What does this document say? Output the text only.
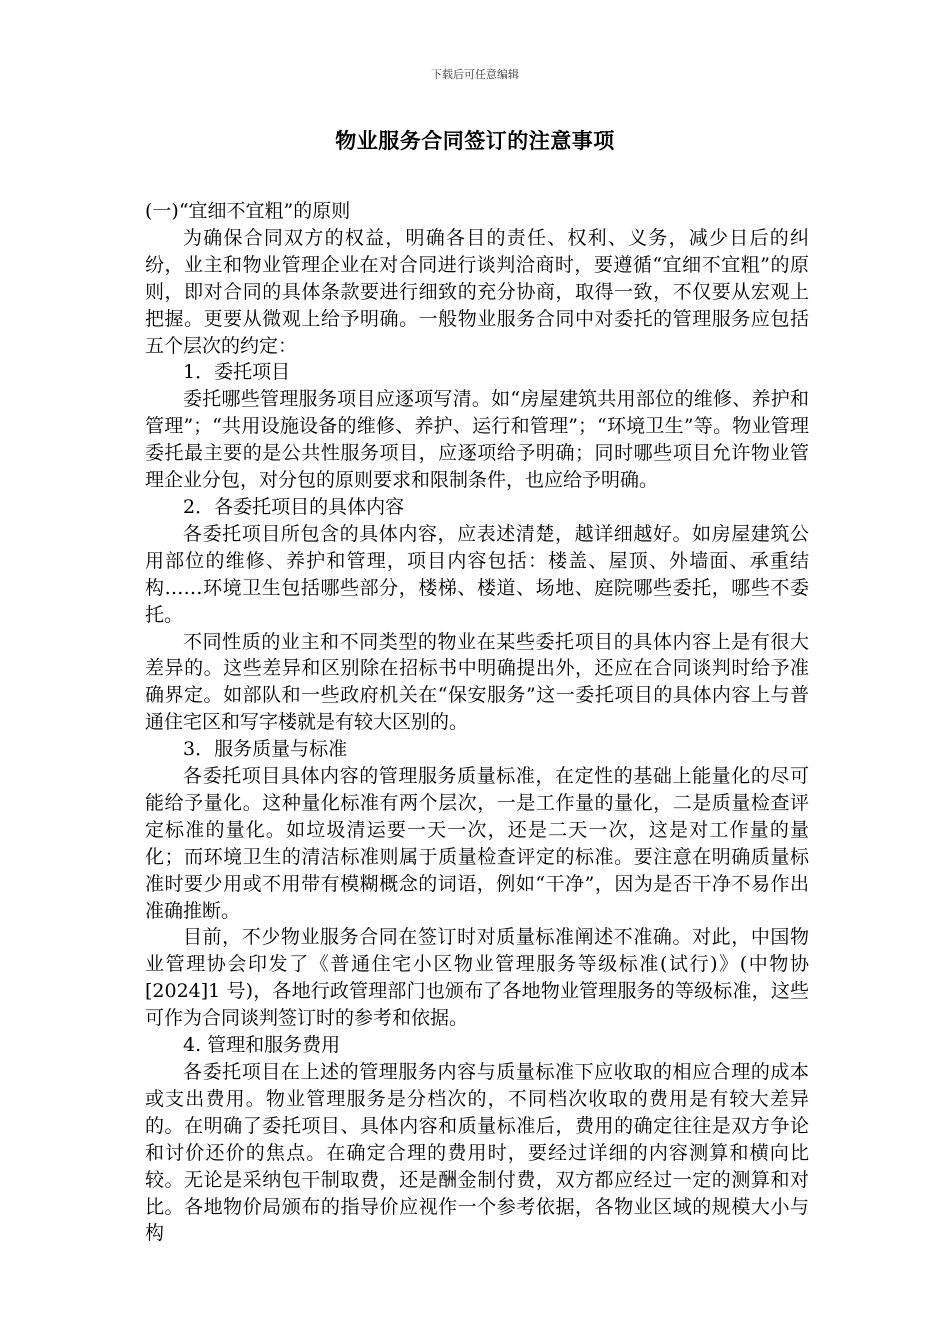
下载后可任意编辑
物业服务合同签订的注意事项

(一)“宜细不宜粗”的原则

为确保合同双方的权益，明确各目的责任、权利、义务，减少日后的纠纷，业主和物业管理企业在对合同进行谈判洽商时，要遵循“宜细不宜粗”的原则，即对合同的具体条款要进行细致的充分协商，取得一致，不仅要从宏观上把握。更要从微观上给予明确。一般物业服务合同中对委托的管理服务应包括五个层次的约定：

1．委托项目

委托哪些管理服务项目应逐项写清。如“房屋建筑共用部位的维修、养护和管理”；“共用设施设备的维修、养护、运行和管理”；“环境卫生”等。物业管理委托最主要的是公共性服务项目，应逐项给予明确；同时哪些项目允许物业管理企业分包，对分包的原则要求和限制条件，也应给予明确。

2．各委托项目的具体内容

各委托项目所包含的具体内容，应表述清楚，越详细越好。如房屋建筑公用部位的维修、养护和管理，项目内容包括：楼盖、屋顶、外墙面、承重结构……环境卫生包括哪些部分，楼梯、楼道、场地、庭院哪些委托，哪些不委托。

不同性质的业主和不同类型的物业在某些委托项目的具体内容上是有很大差异的。这些差异和区别除在招标书中明确提出外，还应在合同谈判时给予准确界定。如部队和一些政府机关在“保安服务”这一委托项目的具体内容上与普通住宅区和写字楼就是有较大区别的。

3．服务质量与标准

各委托项目具体内容的管理服务质量标准，在定性的基础上能量化的尽可能给予量化。这种量化标准有两个层次，一是工作量的量化，二是质量检查评定标准的量化。如垃圾清运要一天一次，还是二天一次，这是对工作量的量化；而环境卫生的清洁标准则属于质量检查评定的标准。要注意在明确质量标准时要少用或不用带有模糊概念的词语，例如“干净”，因为是否干净不易作出准确推断。

目前，不少物业服务合同在签订时对质量标准阐述不准确。对此，中国物业管理协会印发了《普通住宅小区物业管理服务等级标准(试行)》(中物协[2024]1 号)，各地行政管理部门也颁布了各地物业管理服务的等级标准，这些可作为合同谈判签订时的参考和依据。

4. 管理和服务费用

各委托项目在上述的管理服务内容与质量标准下应收取的相应合理的成本或支出费用。物业管理服务是分档次的，不同档次收取的费用是有较大差异的。在明确了委托项目、具体内容和质量标准后，费用的确定往往是双方争论和讨价还价的焦点。在确定合理的费用时，要经过详细的内容测算和横向比较。无论是采纳包干制取费，还是酬金制付费，双方都应经过一定的测算和对比。各地物价局颁布的指导价应视作一个参考依据，各物业区域的规模大小与构
